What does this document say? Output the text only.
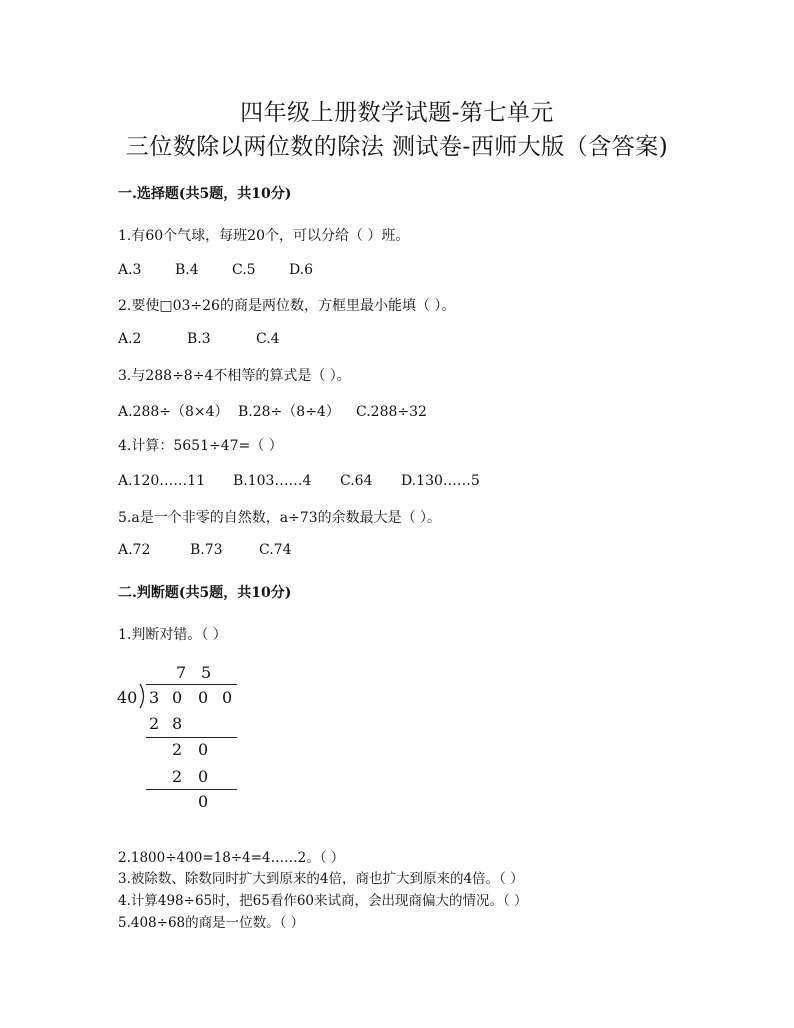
四年级上册数学试题-第七单元
三位数除以两位数的除法 测试卷-西师大版（含答案)
一.选择题(共5题，共10分)
1.有60个气球，每班20个，可以分给（ ）班。
A.3 B.4 C.5 D.6
2.要使□03÷26的商是两位数，方框里最小能填（ ）。
A.2	B.3	C.4
3.与288÷8÷4不相等的算式是（ ）。
A.288÷（8×4） B.28÷（8÷4） C.288÷32
4.计算：5651÷47=（ ）
A.120……11 B.103……4 C.64 D.130……5
5.a是一个非零的自然数，a÷73的余数最大是（ ）。
A.72	B.73	C.74
二.判断题(共5题，共10分)
1.判断对错。（ ）
7 5
40 3 0 0 0
2 8
2 0
2 0
0
2.1800÷400=18÷4=4……2。（ ）
3.被除数、除数同时扩大到原来的4倍，商也扩大到原来的4倍。（ ）
4.计算498÷65时，把65看作60来试商，会出现商偏大的情况。（ ）
5.408÷68的商是一位数。（ ）
